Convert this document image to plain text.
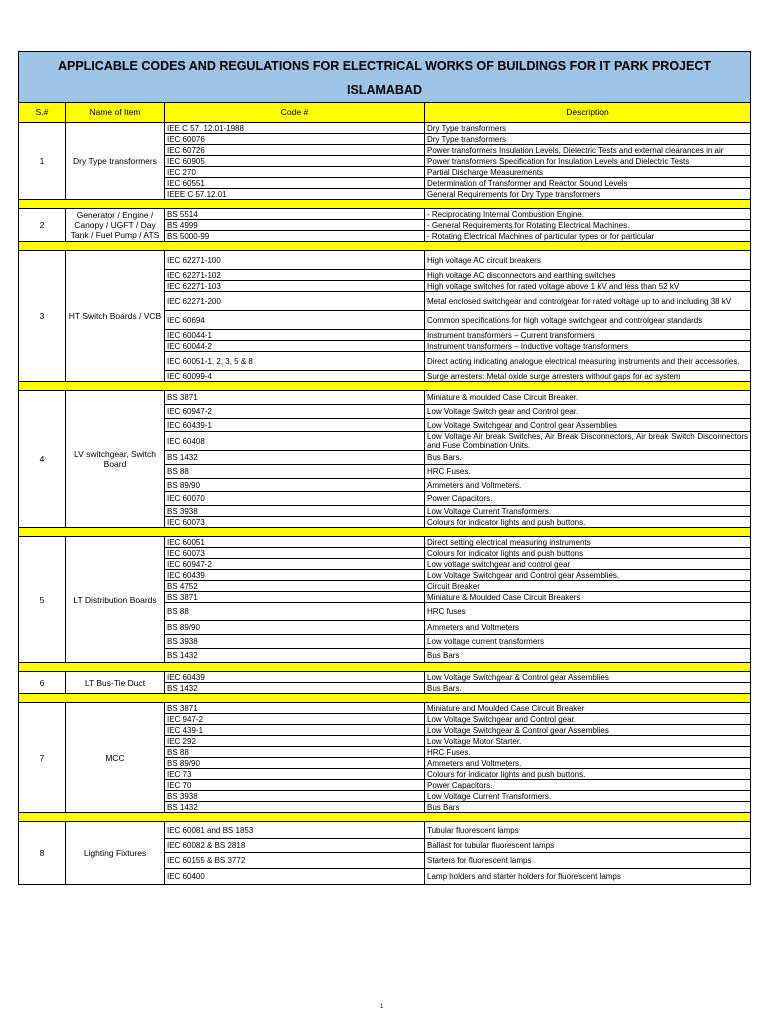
APPLICABLE CODES AND REGULATIONS FOR ELECTRICAL WORKS OF BUILDINGS FOR IT PARK PROJECT ISLAMABAD			
S.#	Name of Item	Code #	Description
1	Dry Type transformers	IEE C 57. 12.01-1988	Dry Type transformers
		IEC 60076	Dry Type transformers
		IEC 60726	Power transformers Insulation Levels, Dielectric Tests and external clearances in air
		IEC 60905	Power transformers Specification for Insulation Levels and Dielectric Tests
		IEC 270	Partial Discharge Measurements
		IEC 60551	Determination of Transformer and Reactor Sound Levels
		IEEE C 57.12.01	General Requirements for Dry Type transformers

2	Generator / Engine / Canopy / UGFT / Day Tank / Fuel Pump / ATS	BS 5514	- Reciprocating Internal Combustion Engine.
		BS 4999	- General Requirements for Rotating Electrical Machines.
		BS 5000-99	- Rotating Electrical Machines of particular types or for particular

3	HT Switch Boards / VCB	IEC 62271-100	High voltage AC circuit breakers
		IEC 62271-102	High voltage AC disconnectors and earthing switches
		IEC 62271-103	High voltage switches for rated voltage above 1 kV and less than 52 kV
		IEC 62271-200	Metal enclosed switchgear and controlgear for rated voltage up to and including 38 kV
		IEC 60694	Common specifications for high voltage switchgear and controlgear standards
		IEC 60044-1	Instrument transformers – Current transformers
		IEC 60044-2	Instrument transformers – Inductive voltage transformers
		IEC 60051-1, 2, 3, 5 & 8	Direct acting indicating analogue electrical measuring instruments and their accessories.
		IEC 60099-4	Surge arresters: Metal oxide surge arresters without gaps for ac system

4	LV switchgear, Switch Board	BS 3871	Miniature & moulded Case Circuit Breaker.
		IEC 60947-2	Low Voltage Switch gear and Control gear.
		IEC 60439-1	Low Voltage Switchgear and Control gear Assemblies
		IEC 60408	Low Voltage Air break Switches, Air Break Disconnectors, Air break Switch Disconnectors and Fuse Combination Units.
		BS 1432	Bus Bars.
		BS 88	HRC Fuses.
		BS 89/90	Ammeters and Voltmeters.
		IEC 60070	Power Capacitors.
		BS 3938	Low Voltage Current Transformers.
		IEC 60073	Colours for indicator lights and push buttons.

5	LT Distribution Boards	IEC 60051	Direct setting electrical measuring instruments
		IEC 60073	Colours for indicator lights and push buttons
		IEC 60947-2	Low voltage switchgear and control gear
		IEC 60439	Low Voltage Switchgear and Control gear Assemblies.
		BS 4752	Circuit Breaker
		BS 3871	Miniature & Moulded Case Circuit Breakers
		BS 88	HRC fuses
		BS 89/90	Ammeters and Voltmeters
		BS 3938	Low voltage current transformers
		BS 1432	Bus Bars

6	LT Bus-Tie Duct	IEC 60439	Low Voltage Switchgear & Control gear Assemblies
		BS 1432	Bus Bars.

7	MCC	BS 3871	Miniature and Moulded Case Circuit Breaker
		IEC 947-2	Low Voltage Switchgear and Control gear.
		IEC 439-1	Low Voltage Switchgear & Control gear Assemblies
		IEC 292	Low Voltage Motor Starter.
		BS 88	HRC Fuses.
		BS 89/90	Ammeters and Voltmeters.
		IEC 73	Colours for indicator lights and push buttons.
		IEC 70	Power Capacitors.
		BS 3938	Low Voltage Current Transformers.
		BS 1432	Bus Bars

8	Lighting Fixtures	IEC 60081 and BS 1853	Tubular fluorescent lamps
		IEC 60082 & BS 2818	Ballast for tubular fluorescent lamps
		IEC 60155 & BS 3772	Starters for fluorescent lamps
		IEC 60400	Lamp holders and starter holders for fluorescent lamps
1
